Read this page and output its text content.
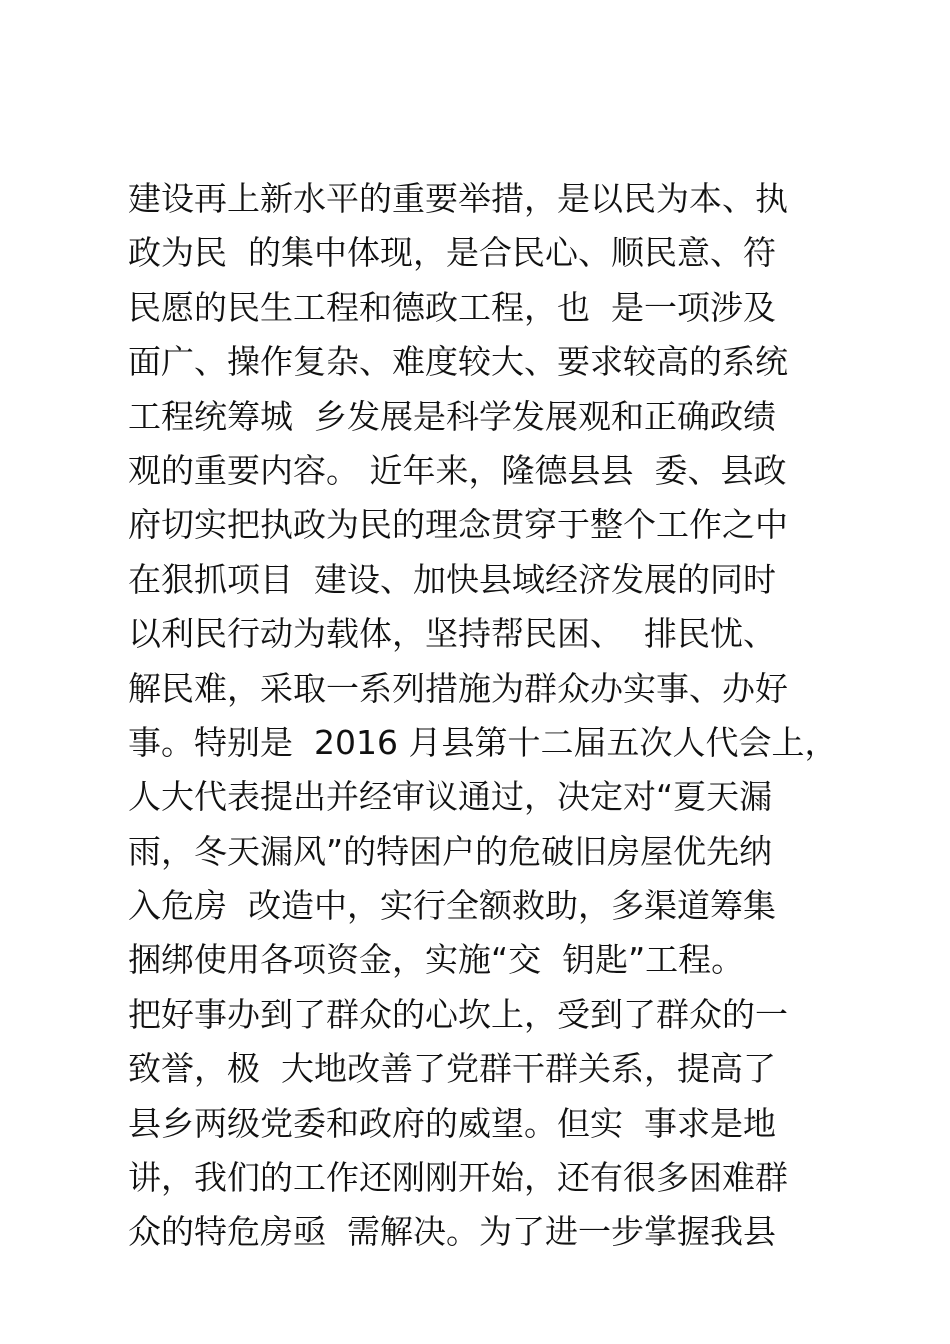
建设再上新水平的重要举措，是以民为本、执
政为民  的集中体现，是合民心、顺民意、符
民愿的民生工程和德政工程，也  是一项涉及
面广、操作复杂、难度较大、要求较高的系统
工程统筹城  乡发展是科学发展观和正确政绩
观的重要内容。 近年来，隆德县县  委、县政
府切实把执政为民的理念贯穿于整个工作之中
在狠抓项目  建设、加快县域经济发展的同时
以利民行动为载体，坚持帮民困、  排民忧、
解民难，采取一系列措施为群众办实事、办好
事。特别是  2016 月县第十二届五次人代会上，
人大代表提出并经审议通过，决定对“夏天漏
雨，冬天漏风”的特困户的危破旧房屋优先纳
入危房  改造中，实行全额救助，多渠道筹集
捆绑使用各项资金，实施“交  钥匙”工程。
把好事办到了群众的心坎上，受到了群众的一
致誉，极  大地改善了党群干群关系，提高了
县乡两级党委和政府的威望。但实  事求是地
讲，我们的工作还刚刚开始，还有很多困难群
众的特危房亟  需解决。为了进一步掌握我县
